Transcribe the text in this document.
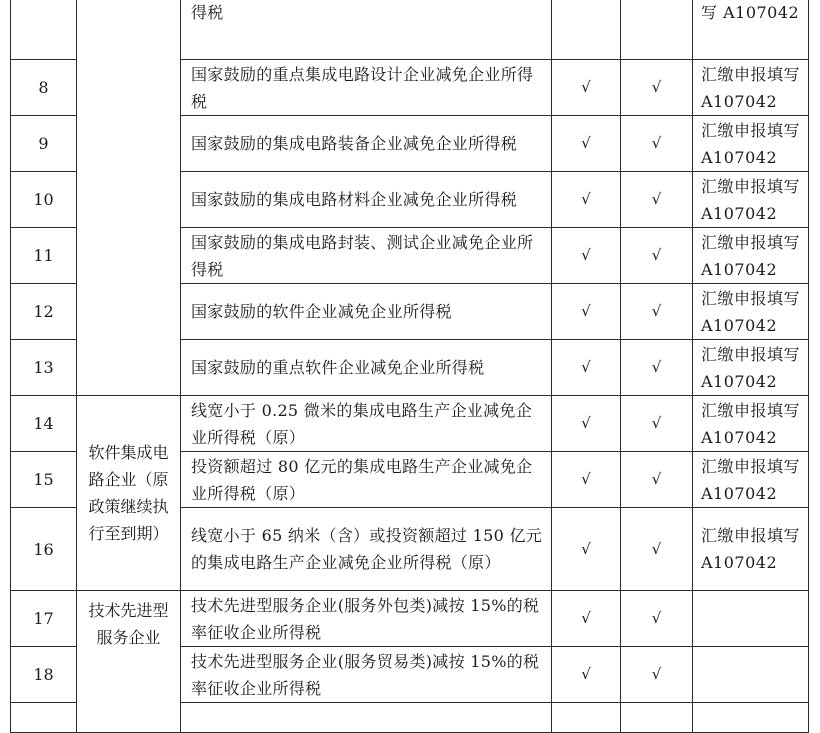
		得税			写 A107042

8		国家鼓励的重点集成电路设计企业减免企业所得税	√	√	汇缴申报填写 A107042

9		国家鼓励的集成电路装备企业减免企业所得税	√	√	汇缴申报填写 A107042

10		国家鼓励的集成电路材料企业减免企业所得税	√	√	汇缴申报填写 A107042

11		国家鼓励的集成电路封装、测试企业减免企业所得税	√	√	汇缴申报填写 A107042

12		国家鼓励的软件企业减免企业所得税	√	√	汇缴申报填写 A107042

13		国家鼓励的重点软件企业减免企业所得税	√	√	汇缴申报填写 A107042

14	软件集成电路企业（原政策继续执行至到期）	线宽小于 0.25 微米的集成电路生产企业减免企业所得税（原）	√	√	汇缴申报填写 A107042

15		投资额超过 80 亿元的集成电路生产企业减免企业所得税（原）	√	√	汇缴申报填写 A107042

16		线宽小于 65 纳米（含）或投资额超过 150 亿元的集成电路生产企业减免企业所得税（原）	√	√	汇缴申报填写 A107042

17	技术先进型服务企业	技术先进型服务企业(服务外包类)减按 15%的税率征收企业所得税	√	√	

18		技术先进型服务企业(服务贸易类)减按 15%的税率征收企业所得税	√	√	
